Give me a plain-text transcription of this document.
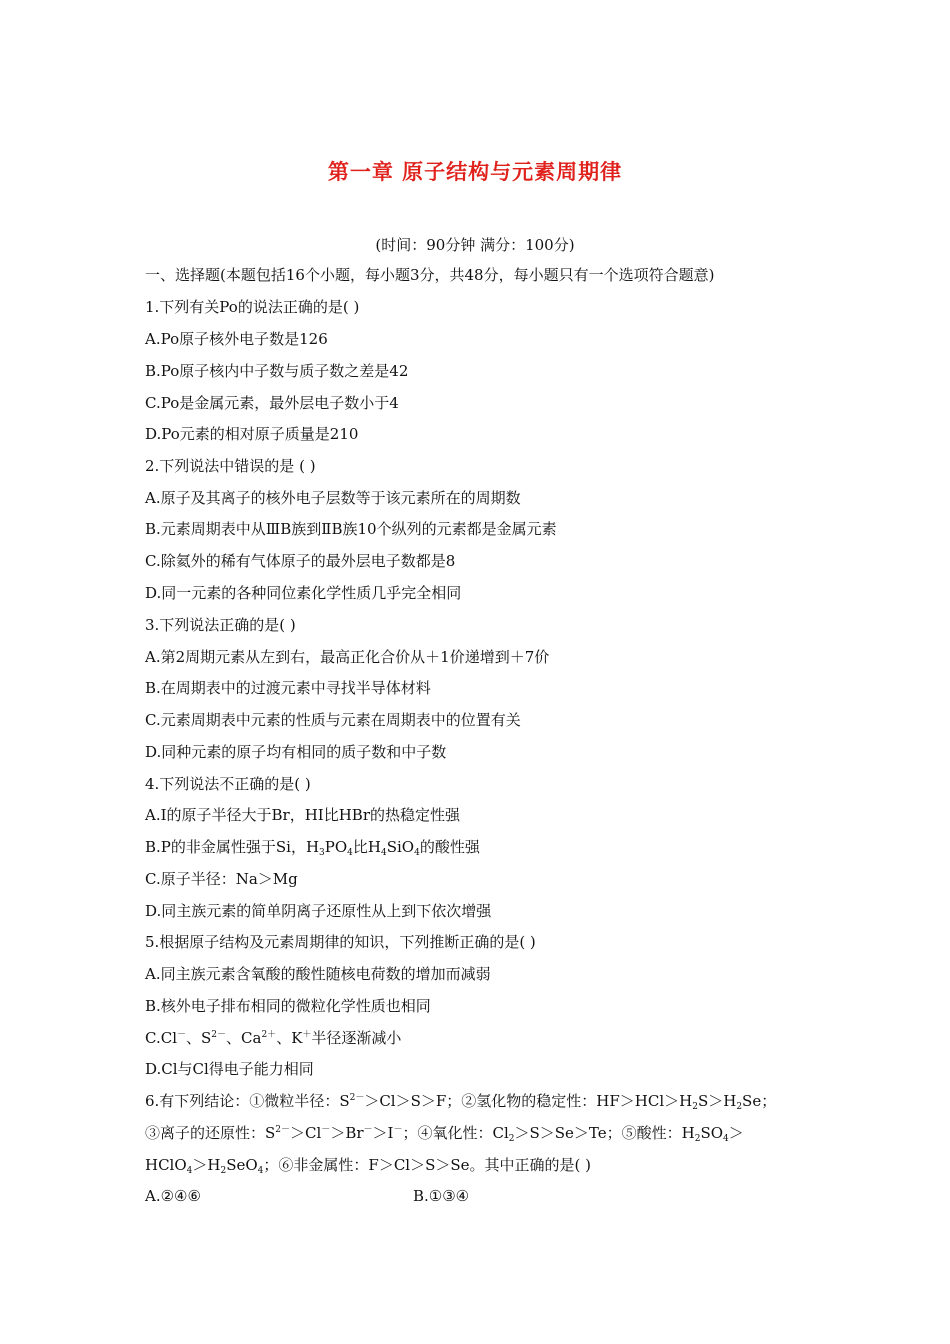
第一章 原子结构与元素周期律
(时间：90分钟 满分：100分)
一、选择题(本题包括16个小题，每小题3分，共48分，每小题只有一个选项符合题意)
1.下列有关Po的说法正确的是( )
A.Po原子核外电子数是126
B.Po原子核内中子数与质子数之差是42
C.Po是金属元素，最外层电子数小于4
D.Po元素的相对原子质量是210
2.下列说法中错误的是 ( )
A.原子及其离子的核外电子层数等于该元素所在的周期数
B.元素周期表中从ⅢB族到ⅡB族10个纵列的元素都是金属元素
C.除氦外的稀有气体原子的最外层电子数都是8
D.同一元素的各种同位素化学性质几乎完全相同
3.下列说法正确的是( )
A.第2周期元素从左到右，最高正化合价从＋1价递增到＋7价
B.在周期表中的过渡元素中寻找半导体材料
C.元素周期表中元素的性质与元素在周期表中的位置有关
D.同种元素的原子均有相同的质子数和中子数
4.下列说法不正确的是( )
A.I的原子半径大于Br，HI比HBr的热稳定性强
B.P的非金属性强于Si，$H_3PO_4$比$H_4SiO_4$的酸性强
C.原子半径：Na＞Mg
D.同主族元素的简单阴离子还原性从上到下依次增强
5.根据原子结构及元素周期律的知识，下列推断正确的是( )
A.同主族元素含氧酸的酸性随核电荷数的增加而减弱
B.核外电子排布相同的微粒化学性质也相同
C.Cl－、$S^{2-}$、$Ca^{2+}$、K＋半径逐渐减小
D.Cl与Cl得电子能力相同
6.有下列结论：①微粒半径：$S^{2-}>Cl>S>F$；②氢化物的稳定性：$HF>HCl>H_2S>H_2Se$；
③离子的还原性：$S^{2-}>Cl^->Br^->I^-$；④氧化性：$Cl_2>S>Se>Te$；⑤酸性：$H_2SO_4>$
$HClO_4>H_2SeO_4$；⑥非金属性：F＞Cl＞S＞Se。其中正确的是( )
A.②④⑥	B.①③④
